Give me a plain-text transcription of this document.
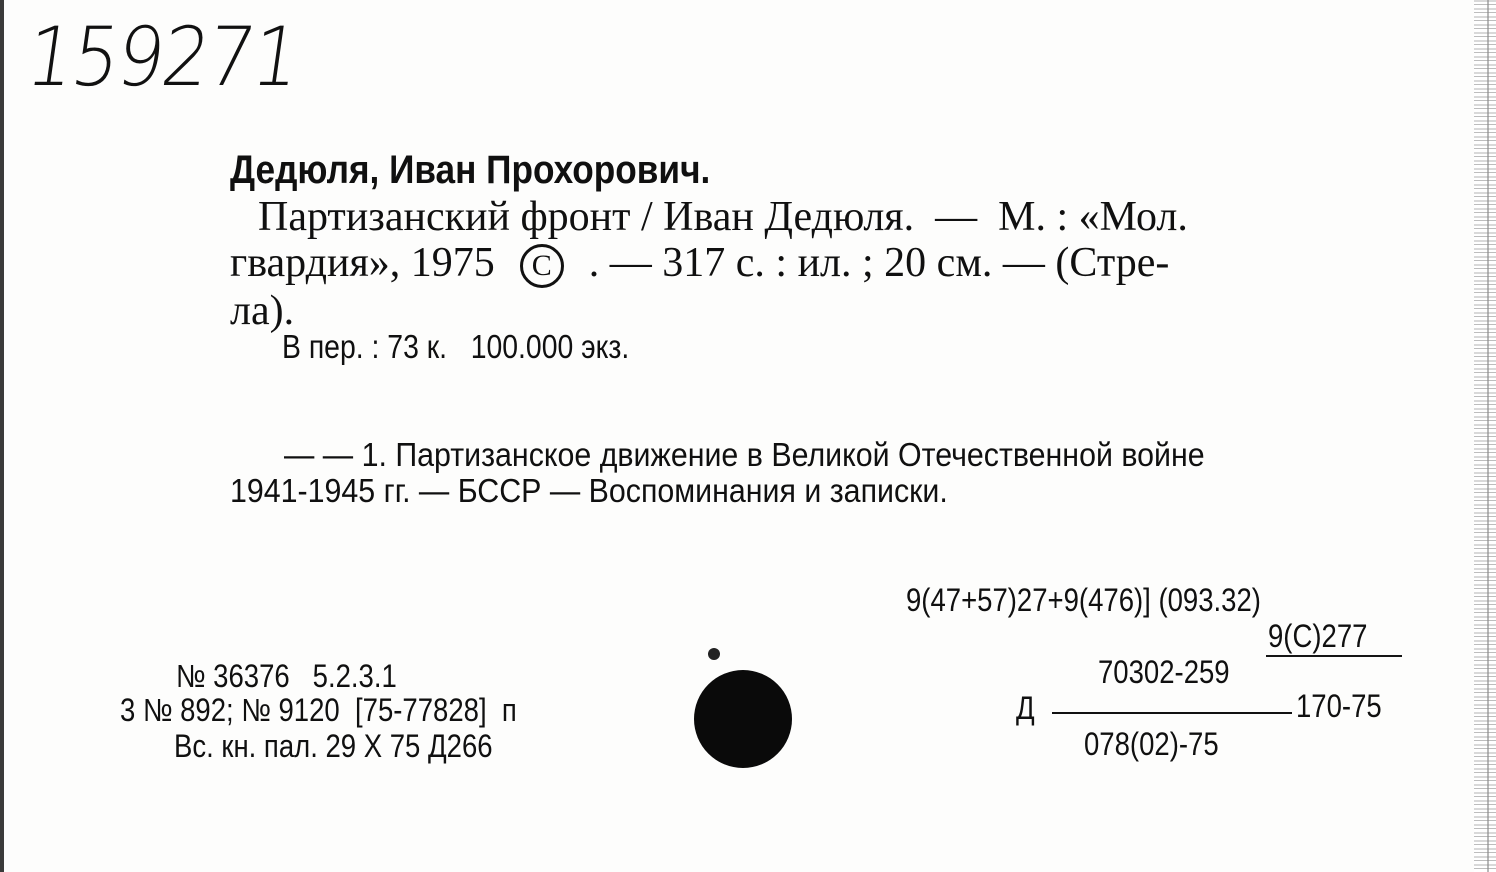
159271
Дедюля, Иван Прохорович.
Партизанский фронт / Иван Дедюля.  —  М. : «Мол.
гвардия», 1975  C  . — 317 с. : ил. ; 20 см. — (Стре-
ла).
В пер. : 73 к.   100.000 экз.
— — 1. Партизанское движение в Великой Отечественной войне
1941-1945 гг. — БССР — Воспоминания и записки.
9(47+57)27+9(476)] (093.32)
9(С)277
70302-259
Д	170-75
078(02)-75
№ 36376   5.2.3.1
3 № 892; № 9120  [75-77828]  п
Вс. кн. пал. 29 X 75 Д266
